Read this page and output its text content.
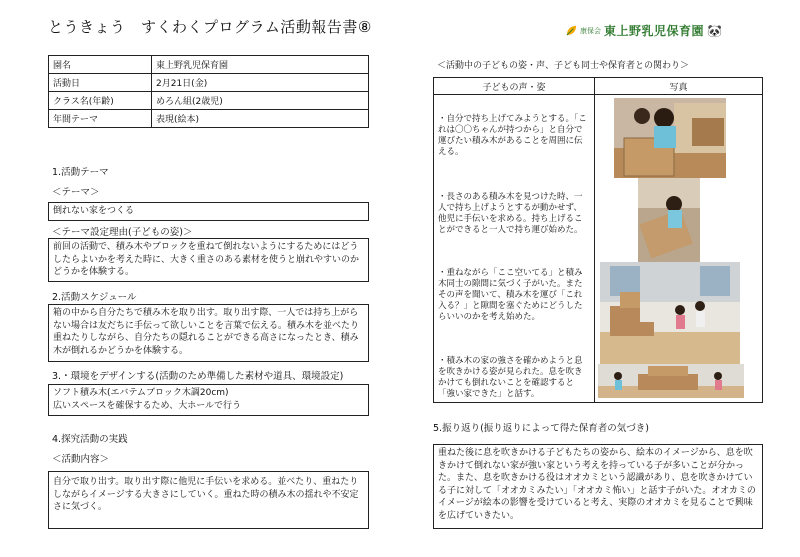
とうきょう　すくわくプログラム活動報告書⑧	康保会 東上野乳児保育園 🐼
園名	東上野乳児保育園
活動日	2月21日(金)
クラス名(年齢)	めろん組(2歳児)
年間テーマ	表現(絵本)
1.活動テーマ
＜テーマ＞
倒れない家をつくる
＜テーマ設定理由(子どもの姿)＞
前回の活動で、積み木やブロックを重ねて倒れないようにするためにはどうしたらよいかを考えた時に、大きく重さのある素材を使うと崩れやすいのかどうかを体験する。
2.活動スケジュール
箱の中から自分たちで積み木を取り出す。取り出す際、一人では持ち上がらない場合は友だちに手伝って欲しいことを言葉で伝える。積み木を並べたり重ねたりしながら、自分たちの隠れることができる高さになったとき、積み木が倒れるかどうかを体験する。
3.・環境をデザインする(活動のため準備した素材や道具、環境設定)
ソフト積み木(エバテムブロック木調20cm)
広いスペースを確保するため、大ホールで行う
4.探究活動の実践
＜活動内容＞
自分で取り出す。取り出す際に他児に手伝いを求める。並べたり、重ねたりしながらイメージする大きさにしていく。重ねた時の積み木の揺れや不安定さに気づく。
＜活動中の子どもの姿・声、子ども同士や保育者との関わり＞
子どもの声・姿	写真
・自分で持ち上げてみようとする。「これは〇〇ちゃんが持つから」と自分で運びたい積み木があることを周囲に伝える。
・長さのある積み木を見つけた時、一人で持ち上げようとするが動かせず、他児に手伝いを求める。持ち上げることができると一人で持ち運び始めた。
・重ねながら「ここ空いてる」と積み木同士の隙間に気づく子がいた。またその声を聞いて、積み木を運び「これ入る？」と隙間を塞ぐためにどうしたらいいのかを考え始めた。
・積み木の家の強さを確かめようと息を吹きかける姿が見られた。息を吹きかけても倒れないことを確認すると「強い家できた」と話す。
5.振り返り(振り返りによって得た保育者の気づき)
重ねた後に息を吹きかける子どもたちの姿から、絵本のイメージから、息を吹きかけて倒れない家が強い家という考えを持っている子が多いことが分かった。また、息を吹きかける役はオオカミという認識があり、息を吹きかけている子に対して「オオカミみたい」「オオカミ怖い」と話す子がいた。オオカミのイメージが絵本の影響を受けていると考え、実際のオオカミを見ることで興味を広げていきたい。
